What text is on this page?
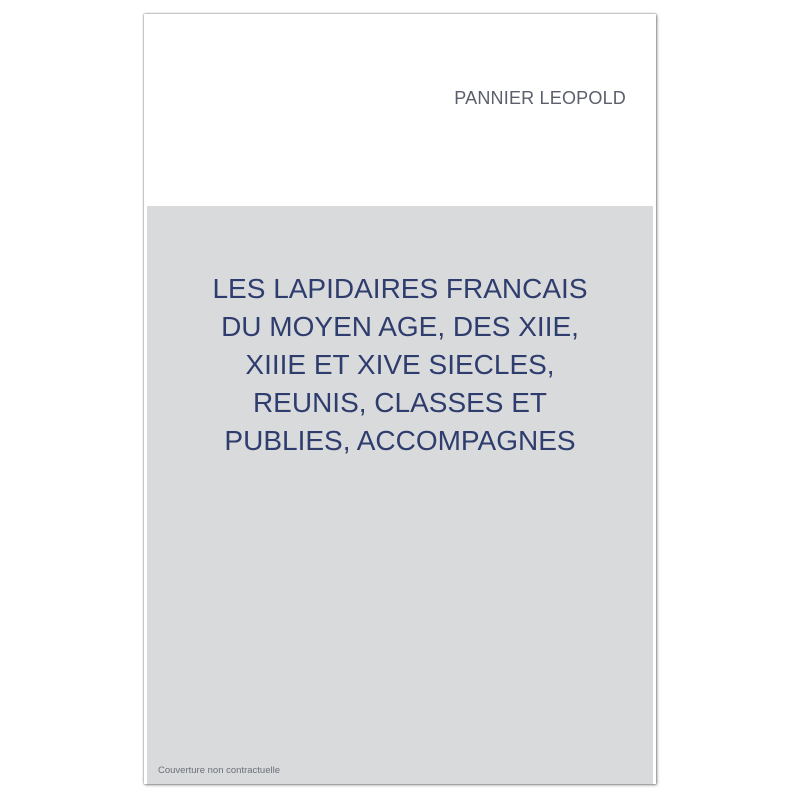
PANNIER LEOPOLD
LES LAPIDAIRES FRANCAIS
DU MOYEN AGE, DES XIIE,
XIIIE ET XIVE SIECLES,
REUNIS, CLASSES ET
PUBLIES, ACCOMPAGNES
Couverture non contractuelle
